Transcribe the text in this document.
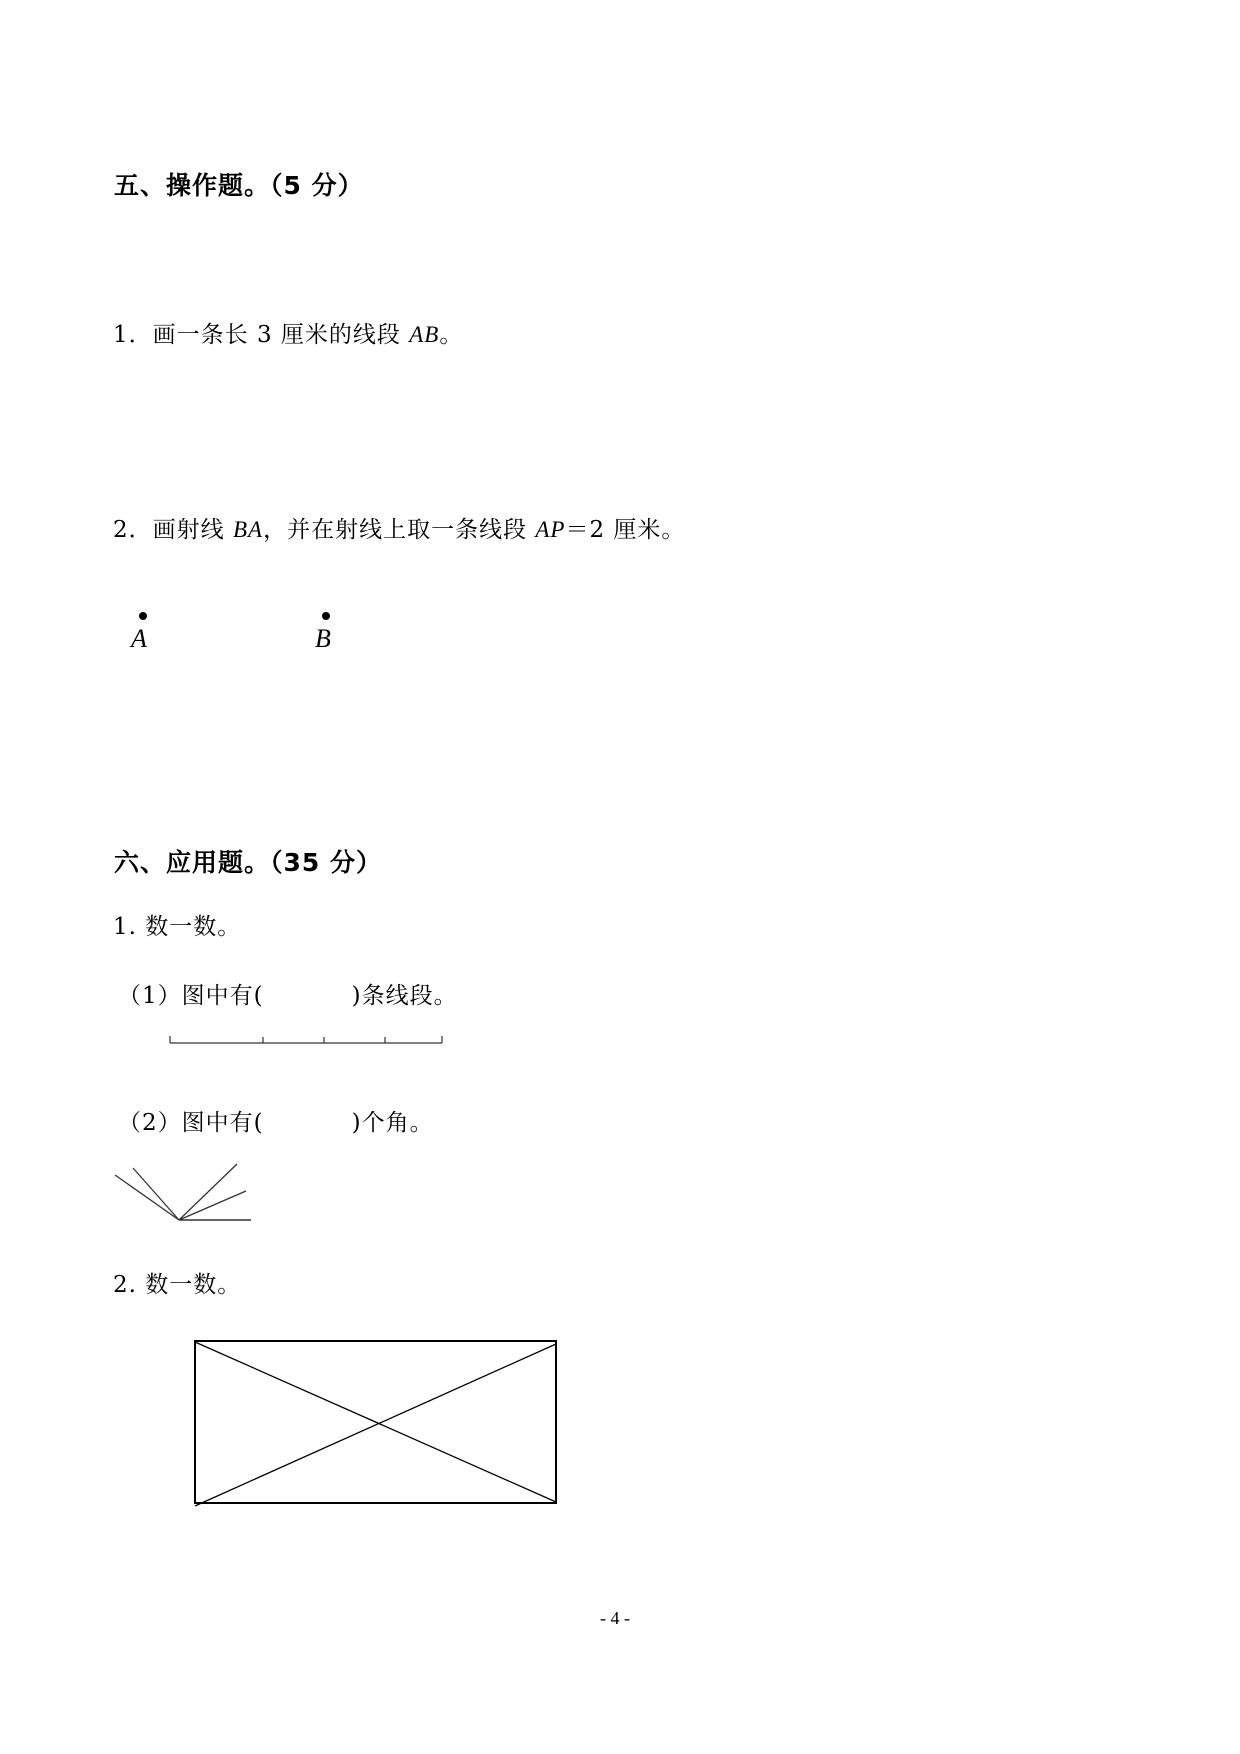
五、操作题。（5 分）
1．画一条长 3 厘米的线段 AB。
2．画射线 BA，并在射线上取一条线段 AP＝2 厘米。
A	B
六、应用题。（35 分）
1. 数一数。
（1）图中有(	)条线段。
（2）图中有(	)个角。
2. 数一数。
- 4 -
